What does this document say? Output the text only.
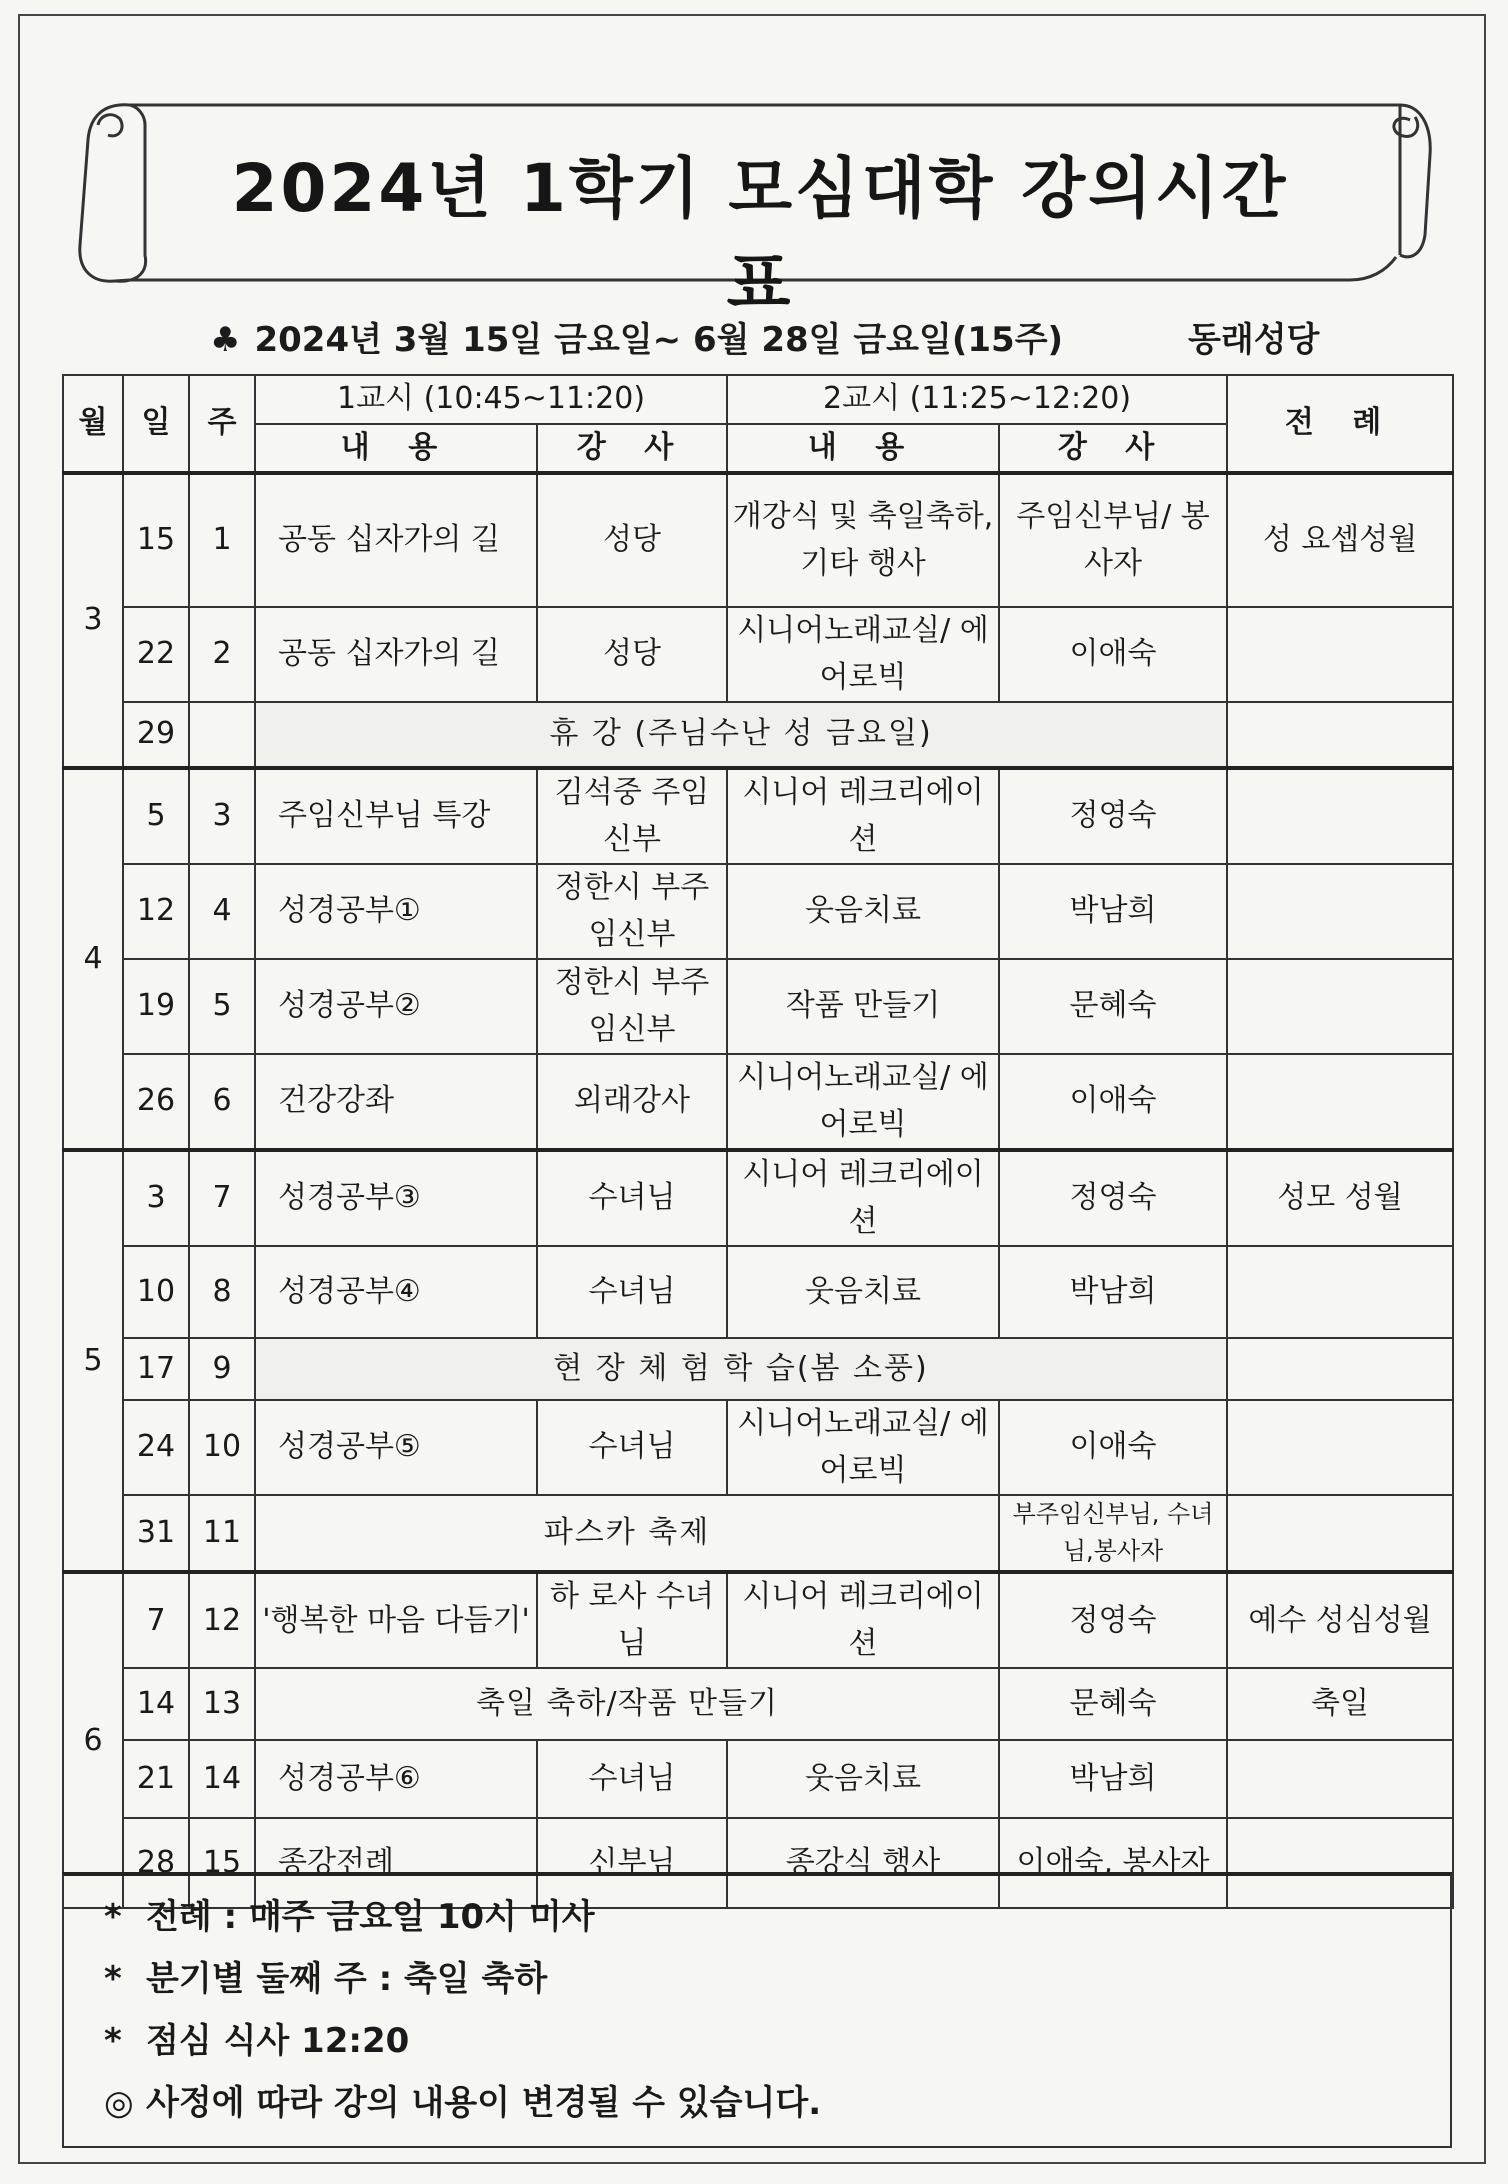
2024년 1학기 모심대학 강의시간표
♣ 2024년 3월 15일 금요일~ 6월 28일 금요일(15주)	동래성당
월	일	주	1교시 (10:45~11:20)		2교시 (11:25~12:20)		전 례
			내 용	강 사	내 용	강 사	
3	15	1	공동 십자가의 길	성당	개강식 및 축일축하,기타 행사	주임신부님/ 봉사자	성 요셉성월
	22	2	공동 십자가의 길	성당	시니어노래교실/ 에어로빅	이애숙	
	29		휴 강 (주님수난 성 금요일)				
4	5	3	주임신부님 특강	김석중 주임신부	시니어 레크리에이션	정영숙	
	12	4	성경공부①	정한시 부주임신부	웃음치료	박남희	
	19	5	성경공부②	정한시 부주임신부	작품 만들기	문혜숙	
	26	6	건강강좌	외래강사	시니어노래교실/ 에어로빅	이애숙	
5	3	7	성경공부③	수녀님	시니어 레크리에이션	정영숙	성모 성월
	10	8	성경공부④	수녀님	웃음치료	박남희	
	17	9	현 장 체 험 학 습(봄 소풍)				
	24	10	성경공부⑤	수녀님	시니어노래교실/ 에어로빅	이애숙	
	31	11	파스카 축제			부주임신부님, 수녀님,봉사자	
6	7	12	'행복한 마음 다듬기'	하 로사 수녀님	시니어 레크리에이션	정영숙	예수 성심성월
	14	13	축일 축하/작품 만들기			문혜숙	축일
	21	14	성경공부⑥	수녀님	웃음치료	박남희	
	28	15	종강전례	신부님	종강식 행사	이애숙, 봉사자	
* 전례 : 매주 금요일 10시 미사
* 분기별 둘째 주 : 축일 축하
* 점심 식사 12:20
◎ 사정에 따라 강의 내용이 변경될 수 있습니다.
